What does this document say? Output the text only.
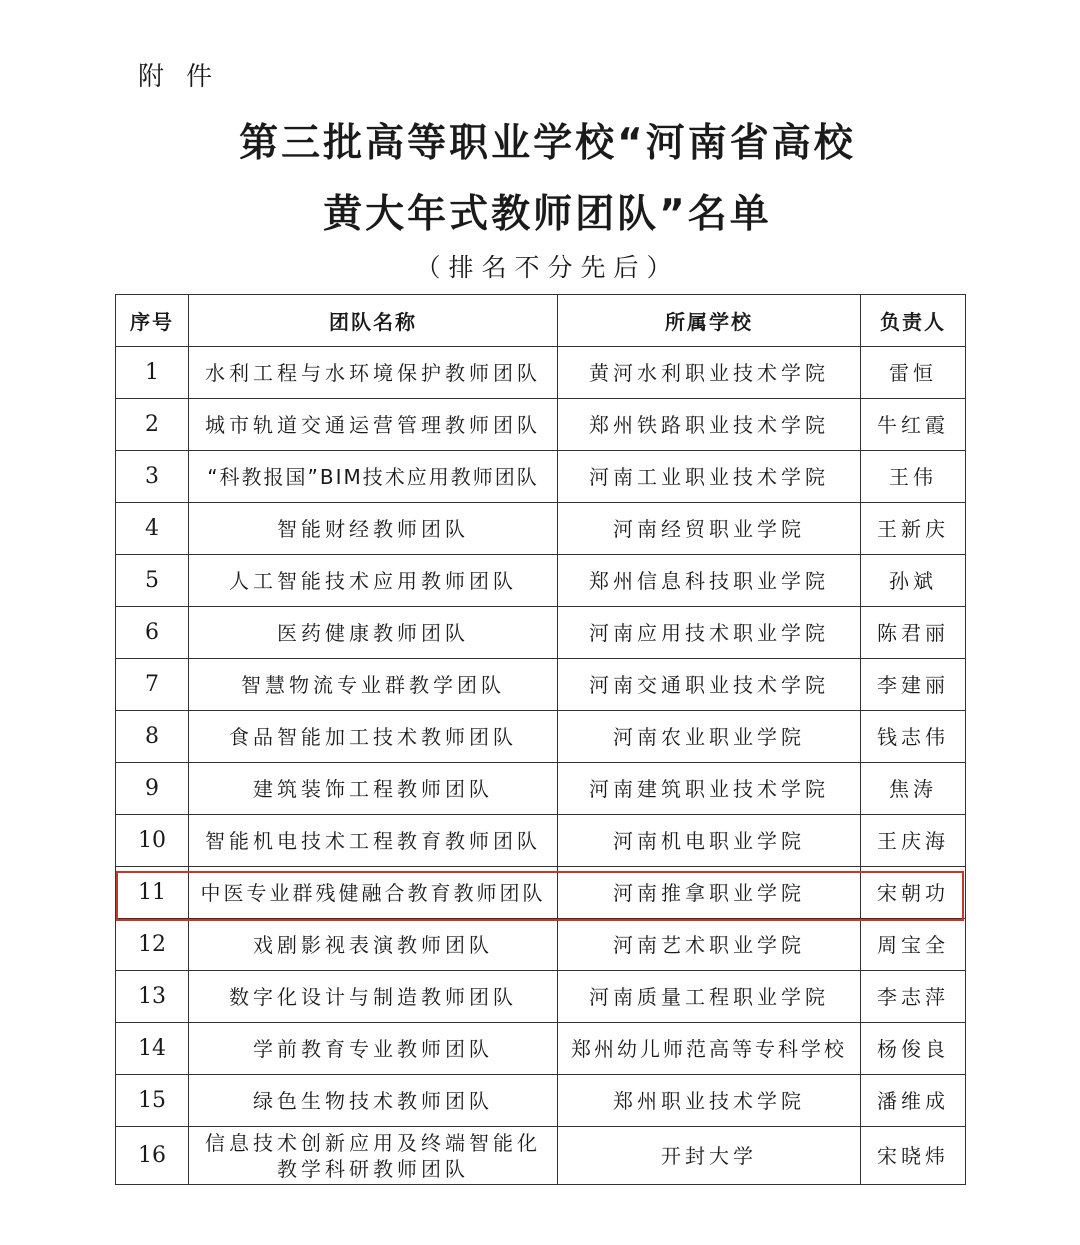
附件
第三批高等职业学校“河南省高校
黄大年式教师团队”名单
（排名不分先后）
序号	团队名称	所属学校	负责人
1	水利工程与水环境保护教师团队	黄河水利职业技术学院	雷恒
2	城市轨道交通运营管理教师团队	郑州铁路职业技术学院	牛红霞
3	“科教报国”BIM技术应用教师团队	河南工业职业技术学院	王伟
4	智能财经教师团队	河南经贸职业学院	王新庆
5	人工智能技术应用教师团队	郑州信息科技职业学院	孙斌
6	医药健康教师团队	河南应用技术职业学院	陈君丽
7	智慧物流专业群教学团队	河南交通职业技术学院	李建丽
8	食品智能加工技术教师团队	河南农业职业学院	钱志伟
9	建筑装饰工程教师团队	河南建筑职业技术学院	焦涛
10	智能机电技术工程教育教师团队	河南机电职业学院	王庆海
11	中医专业群残健融合教育教师团队	河南推拿职业学院	宋朝功
12	戏剧影视表演教师团队	河南艺术职业学院	周宝全
13	数字化设计与制造教师团队	河南质量工程职业学院	李志萍
14	学前教育专业教师团队	郑州幼儿师范高等专科学校	杨俊良
15	绿色生物技术教师团队	郑州职业技术学院	潘维成
16	信息技术创新应用及终端智能化教学科研教师团队	开封大学	宋晓炜
